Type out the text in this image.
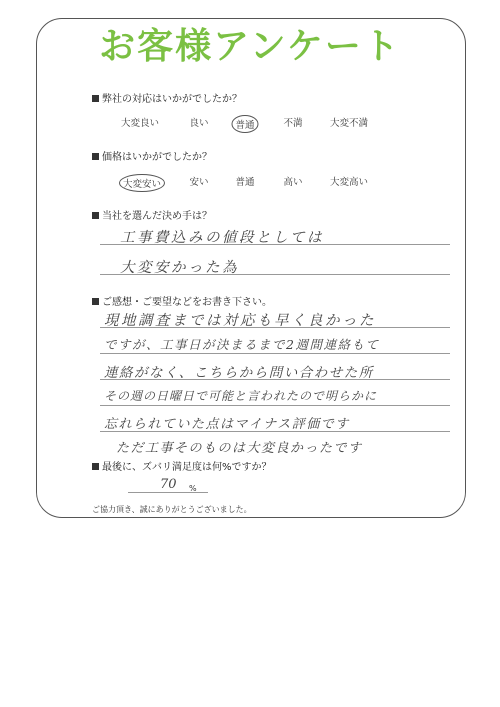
お客様アンケート
弊社の対応はいかがでしたか？
大変良い	良い	普通	不満	大変不満
価格はいかがでしたか？
大変安い	安い	普通	高い	大変高い
当社を選んだ決め手は？
工事費込みの値段としては
大変安かった為
ご感想・ご要望などをお書き下さい。
現地調査までは対応も早く良かった
ですが、工事日が決まるまで2週間連絡もて
連絡がなく、こちらから問い合わせた所
その週の日曜日で可能と言われたので明らかに
忘れられていた点はマイナス評価です
ただ工事そのものは大変良かったです
最後に、ズバリ満足度は何%ですか？
70 %
ご協力頂き、誠にありがとうございました。
